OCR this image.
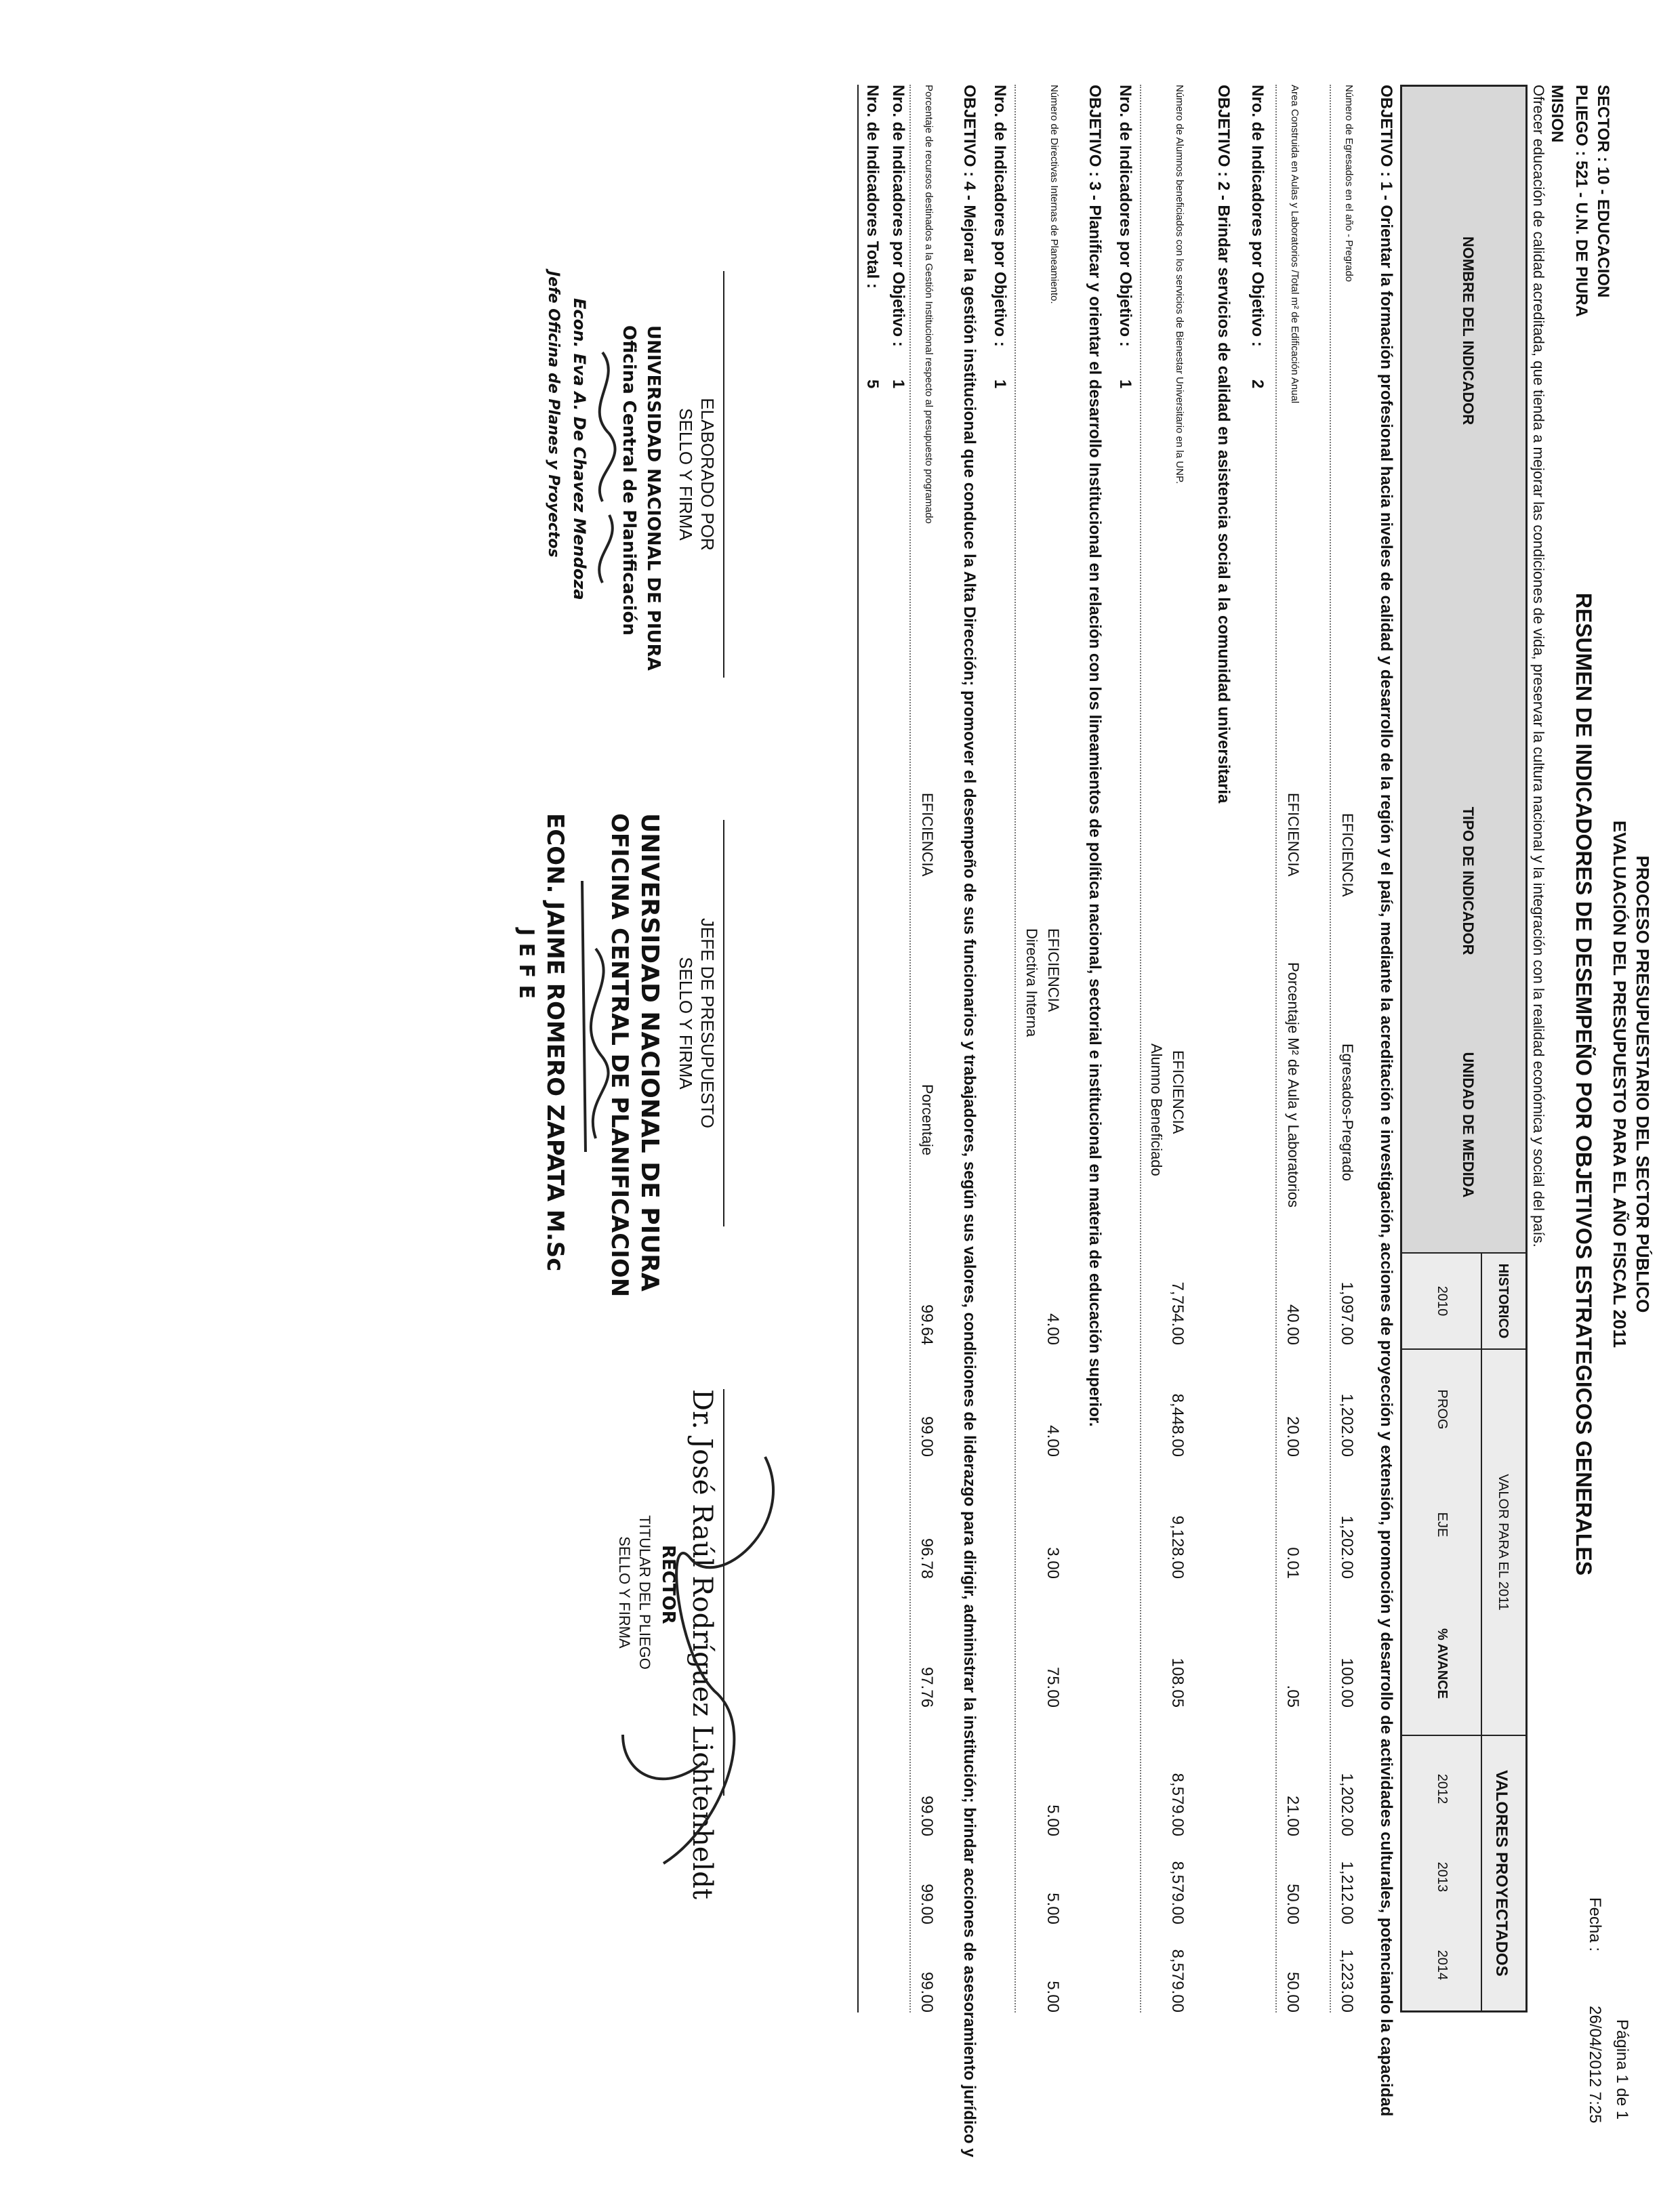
PROCESO PRESUPUESTARIO DEL SECTOR PÚBLICO
EVALUACIÓN DEL PRESUPUESTO PARA EL AÑO FISCAL 2011
RESUMEN DE INDICADORES DE DESEMPEÑO POR OBJETIVOS ESTRATEGICOS GENERALES
Página 1 de 1
Fecha :
26/04/2012 7:25
SECTOR : 10 - EDUCACION
PLIEGO : 521 - U.N. DE PIURA
MISION
Ofrecer educación de calidad acreditada, que tienda a mejorar las condiciones de vida, preservar la cultura nacional y la integración con la realidad económica y social del país.
NOMBRE DEL INDICADOR
TIPO DE INDICADOR
UNIDAD DE MEDIDA
HISTORICO
2010
VALOR PARA EL 2011
PROG
EJE
% AVANCE
VALORES PROYECTADOS
2012
2013
2014
OBJETIVO : 1 - Orientar la formación profesional hacia niveles de calidad y desarrollo de la región y el país, mediante la acreditación e investigación, acciones de proyección y extensión, promoción y desarrollo de actividades culturales, potenciando la capacidad
Número de Egresados en el año - Pregrado
EFICIENCIA
Egresados-Pregrado
1,097.00
1,202.00
1,202.00
100.00
1,202.00
1,212.00
1,223.00
Area Construida en Aulas y Laboratorios /Total m² de Edificación Anual
EFICIENCIA
Porcentaje M² de Aula y Laboratorios
40.00
20.00
0.01
.05
21.00
50.00
50.00
Nro. de Indicadores por Objetivo :
2
OBJETIVO : 2 - Brindar servicios de calidad en asistencia social a la comunidad universitaria
Número de Alumnos beneficiados con los servicios de Bienestar Universitario en la UNP.
EFICIENCIA
7,754.00
8,448.00
9,128.00
108.05
8,579.00
8,579.00
8,579.00
Alumno Beneficiado
Nro. de Indicadores por Objetivo :
1
OBJETIVO : 3 - Planificar y orientar el desarrollo Institucional en relación con los lineamientos de política nacional, sectorial e institucional en materia de educación superior.
Número de Directivas Internas de Planeamiento.
EFICIENCIA
Directiva Interna
4.00
4.00
3.00
75.00
5.00
5.00
5.00
Nro. de Indicadores por Objetivo :
1
OBJETIVO : 4 - Mejorar la gestión institucional que conduce la Alta Dirección; promover el desempeño de sus funcionarios y trabajadores, según sus valores, condiciones de liderazgo para dirigir, administrar la institución; brindar acciones de asesoramiento jurídico y
Porcentaje de recursos destinados a la Gestión Institucional respecto al presupuesto programado
EFICIENCIA
Porcentaje
99.64
99.00
96.78
97.76
99.00
99.00
99.00
Nro. de Indicadores por Objetivo :
1
Nro. de Indicadores Total :
5
ELABORADO POR
SELLO Y FIRMA
JEFE DE PRESUPUESTO
SELLO Y FIRMA
TITULAR DEL PLIEGO
SELLO Y FIRMA
UNIVERSIDAD NACIONAL DE PIURA
Oficina Central de Planificación
Econ. Eva A. De Chavez Mendoza
Jefe Oficina de Planes y Proyectos
UNIVERSIDAD NACIONAL DE PIURA
OFICINA CENTRAL DE PLANIFICACION
ECON. JAIME ROMERO ZAPATA M.Sc
J E F E
Dr. José Raúl Rodríguez Lichtenheldt
RECTOR
